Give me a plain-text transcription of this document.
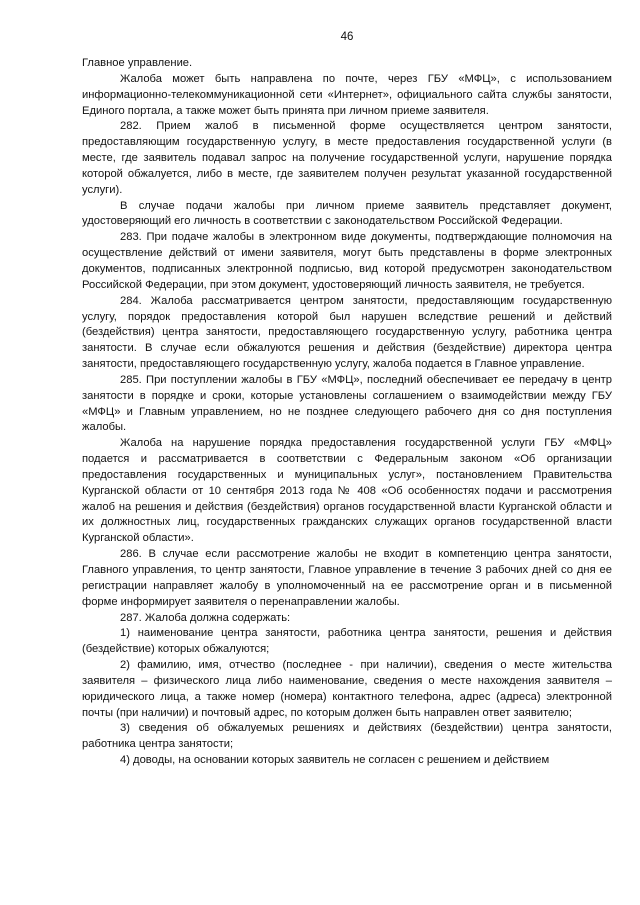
46

Главное управление.

Жалоба может быть направлена по почте, через ГБУ «МФЦ», с использованием информационно-телекоммуникационной сети «Интернет», официального сайта службы занятости, Единого портала, а также может быть принята при личном приеме заявителя.

282. Прием жалоб в письменной форме осуществляется центром занятости, предоставляющим государственную услугу, в месте предоставления государственной услуги (в месте, где заявитель подавал запрос на получение государственной услуги, нарушение порядка которой обжалуется, либо в месте, где заявителем получен результат указанной государственной услуги).

В случае подачи жалобы при личном приеме заявитель представляет документ, удостоверяющий его личность в соответствии с законодательством Российской Федерации.

283. При подаче жалобы в электронном виде документы, подтверждающие полномочия на осуществление действий от имени заявителя, могут быть представлены в форме электронных документов, подписанных электронной подписью, вид которой предусмотрен законодательством Российской Федерации, при этом документ, удостоверяющий личность заявителя, не требуется.

284. Жалоба рассматривается центром занятости, предоставляющим государственную услугу, порядок предоставления которой был нарушен вследствие решений и действий (бездействия) центра занятости, предоставляющего государственную услугу, работника центра занятости. В случае если обжалуются решения и действия (бездействие) директора центра занятости, предоставляющего государственную услугу, жалоба подается в Главное управление.

285. При поступлении жалобы в ГБУ «МФЦ», последний обеспечивает ее передачу в центр занятости в порядке и сроки, которые установлены соглашением о взаимодействии между ГБУ «МФЦ» и Главным управлением, но не позднее следующего рабочего дня со дня поступления жалобы.

Жалоба на нарушение порядка предоставления государственной услуги ГБУ «МФЦ» подается и рассматривается в соответствии с Федеральным законом «Об организации предоставления государственных и муниципальных услуг», постановлением Правительства Курганской области от 10 сентября 2013 года № 408 «Об особенностях подачи и рассмотрения жалоб на решения и действия (бездействия) органов государственной власти Курганской области и их должностных лиц, государственных гражданских служащих органов государственной власти Курганской области».

286. В случае если рассмотрение жалобы не входит в компетенцию центра занятости, Главного управления, то центр занятости, Главное управление в течение 3 рабочих дней со дня ее регистрации направляет жалобу в уполномоченный на ее рассмотрение орган и в письменной форме информирует заявителя о перенаправлении жалобы.

287. Жалоба должна содержать:

1) наименование центра занятости, работника центра занятости, решения и действия (бездействие) которых обжалуются;

2) фамилию, имя, отчество (последнее - при наличии), сведения о месте жительства заявителя – физического лица либо наименование, сведения о месте нахождения заявителя – юридического лица, а также номер (номера) контактного телефона, адрес (адреса) электронной почты (при наличии) и почтовый адрес, по которым должен быть направлен ответ заявителю;

3) сведения об обжалуемых решениях и действиях (бездействии) центра занятости, работника центра занятости;

4) доводы, на основании которых заявитель не согласен с решением и действием
